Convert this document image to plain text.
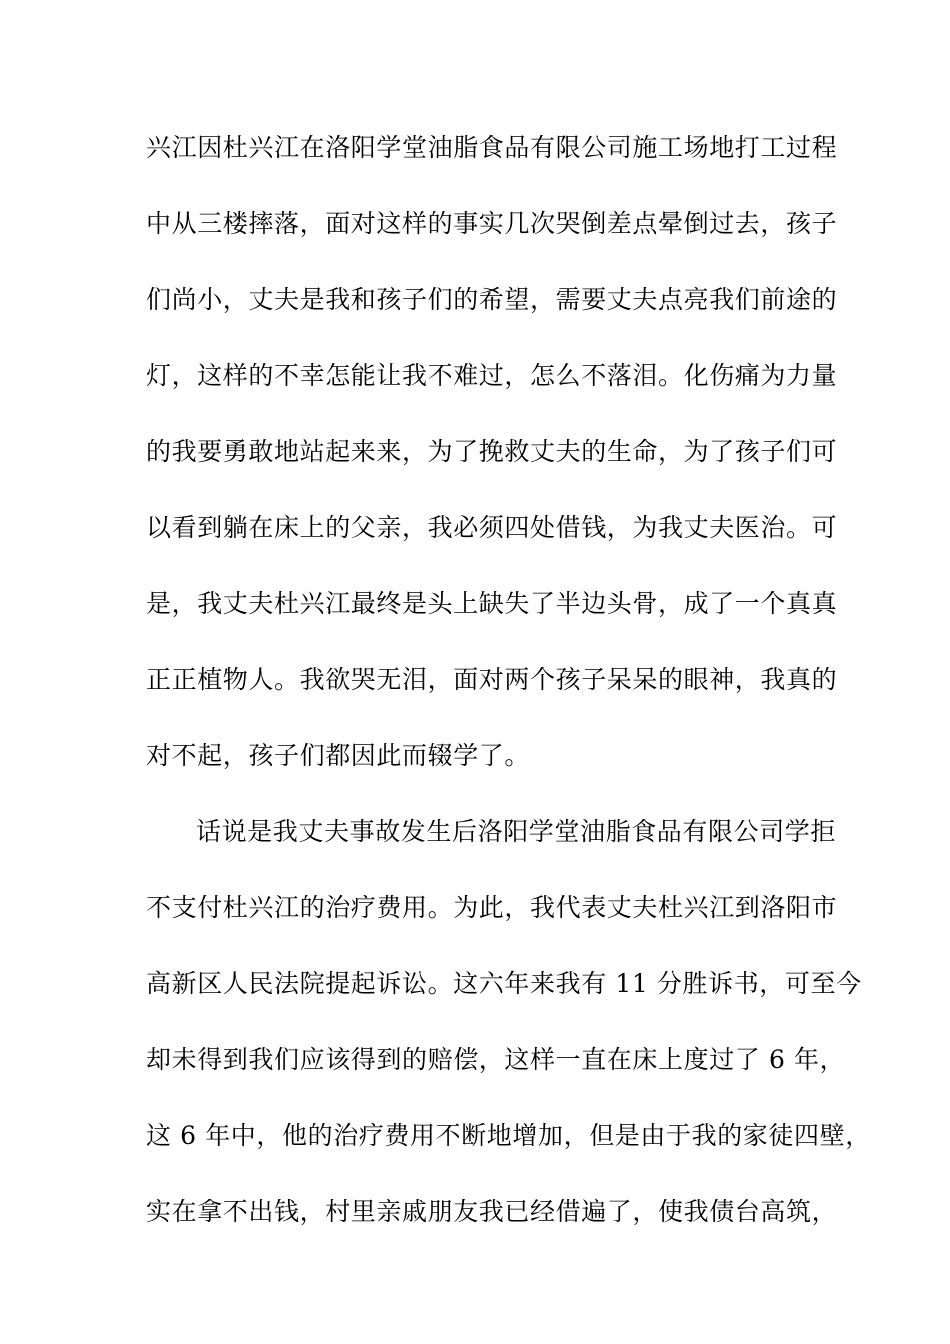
兴江因杜兴江在洛阳学堂油脂食品有限公司施工场地打工过程
中从三楼摔落，面对这样的事实几次哭倒差点晕倒过去，孩子
们尚小，丈夫是我和孩子们的希望，需要丈夫点亮我们前途的
灯，这样的不幸怎能让我不难过，怎么不落泪。化伤痛为力量
的我要勇敢地站起来来，为了挽救丈夫的生命，为了孩子们可
以看到躺在床上的父亲，我必须四处借钱，为我丈夫医治。可
是，我丈夫杜兴江最终是头上缺失了半边头骨，成了一个真真
正正植物人。我欲哭无泪，面对两个孩子呆呆的眼神，我真的
对不起，孩子们都因此而辍学了。
话说是我丈夫事故发生后洛阳学堂油脂食品有限公司学拒
不支付杜兴江的治疗费用。为此，我代表丈夫杜兴江到洛阳市
高新区人民法院提起诉讼。这六年来我有 11 分胜诉书，可至今
却未得到我们应该得到的赔偿，这样一直在床上度过了 6 年，
这 6 年中，他的治疗费用不断地增加，但是由于我的家徒四壁，
实在拿不出钱，村里亲戚朋友我已经借遍了，使我债台高筑，
